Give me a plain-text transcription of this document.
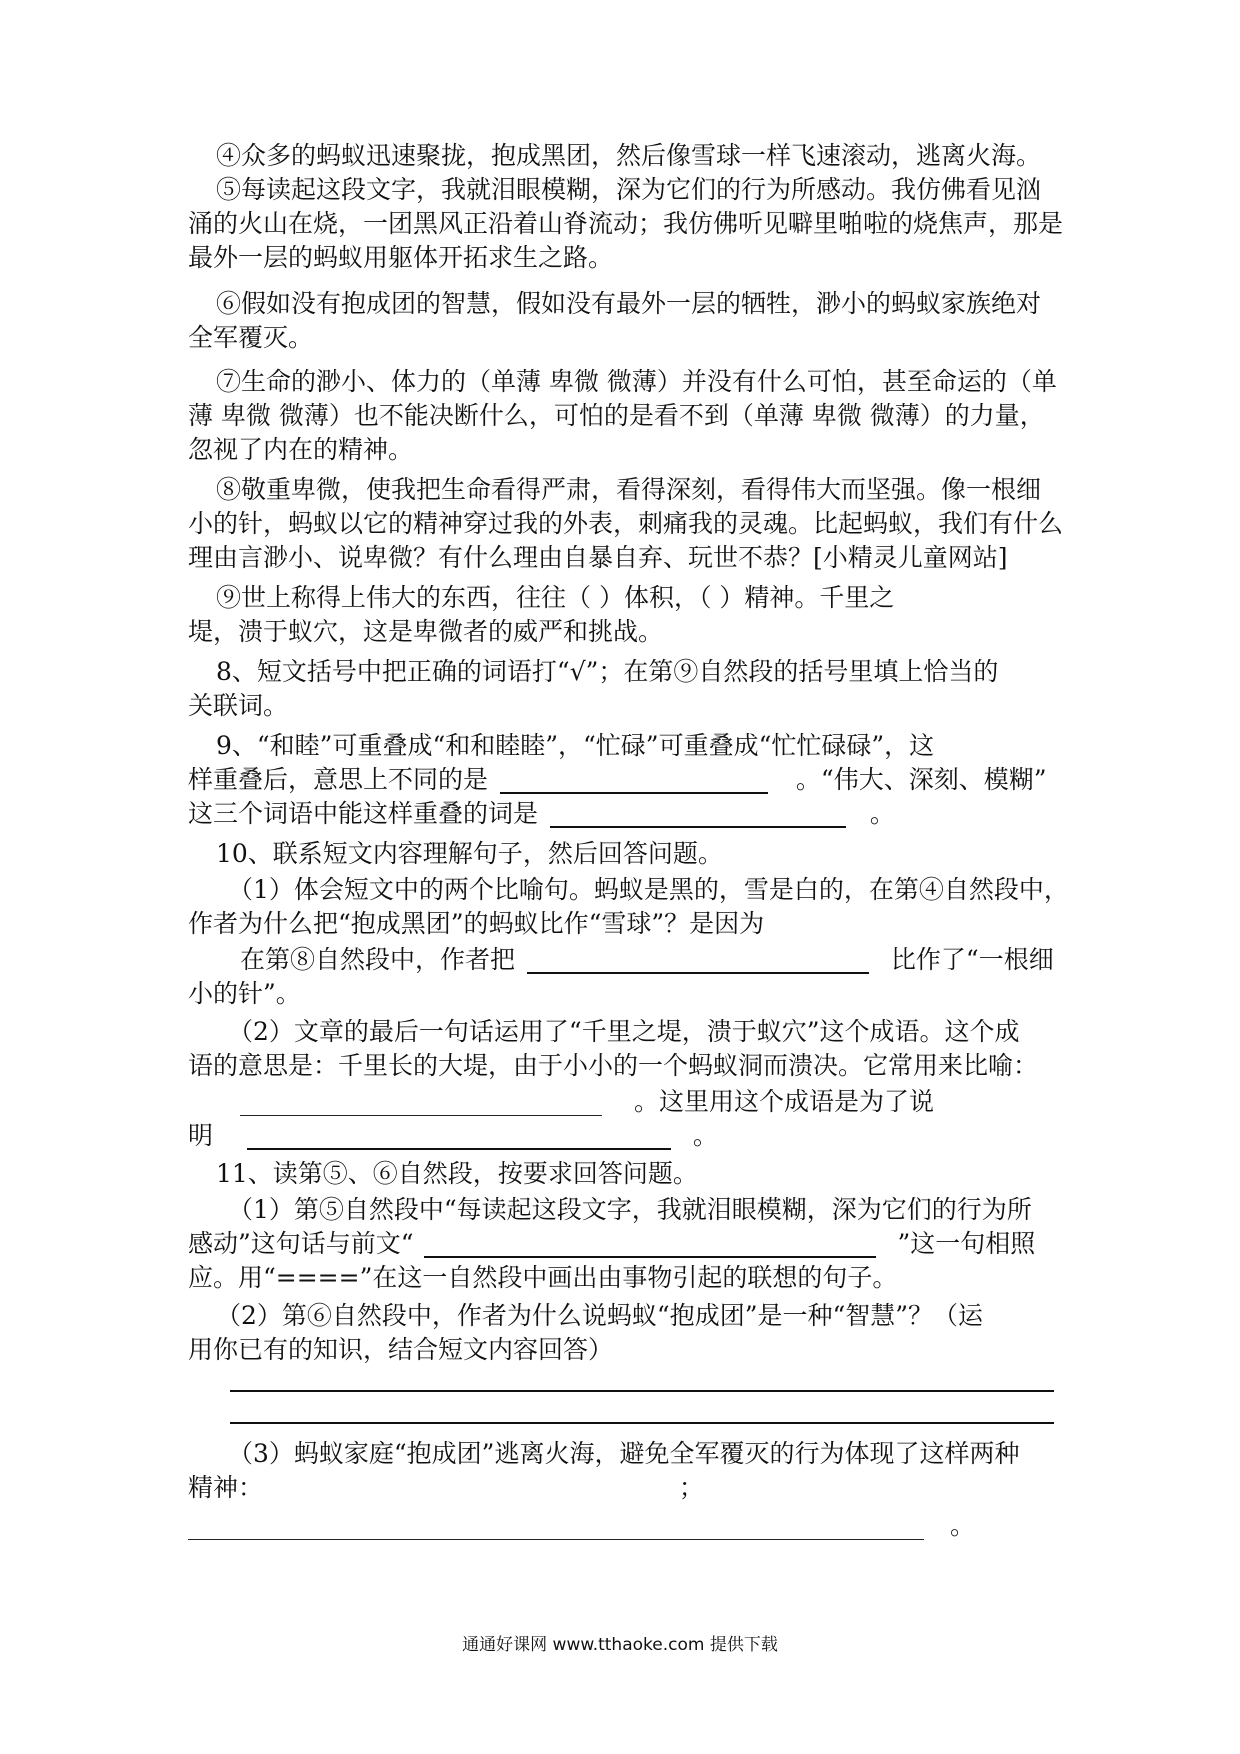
④众多的蚂蚁迅速聚拢，抱成黑团，然后像雪球一样飞速滚动，逃离火海。
⑤每读起这段文字，我就泪眼模糊，深为它们的行为所感动。我仿佛看见汹
涌的火山在烧，一团黑风正沿着山脊流动；我仿佛听见噼里啪啦的烧焦声，那是
最外一层的蚂蚁用躯体开拓求生之路。
⑥假如没有抱成团的智慧，假如没有最外一层的牺牲，渺小的蚂蚁家族绝对
全军覆灭。
⑦生命的渺小、体力的（单薄 卑微 微薄）并没有什么可怕，甚至命运的（单
薄 卑微 微薄）也不能决断什么，可怕的是看不到（单薄 卑微 微薄）的力量，
忽视了内在的精神。
⑧敬重卑微，使我把生命看得严肃，看得深刻，看得伟大而坚强。像一根细
小的针，蚂蚁以它的精神穿过我的外表，刺痛我的灵魂。比起蚂蚁，我们有什么
理由言渺小、说卑微？有什么理由自暴自弃、玩世不恭？[小精灵儿童网站]
⑨世上称得上伟大的东西，往往（ ）体积，（ ）精神。千里之
堤，溃于蚁穴，这是卑微者的威严和挑战。
8、短文括号中把正确的词语打“√”；在第⑨自然段的括号里填上恰当的
关联词。
9、“和睦”可重叠成“和和睦睦”，“忙碌”可重叠成“忙忙碌碌”，这
样重叠后，意思上不同的是	。“伟大、深刻、模糊”
这三个词语中能这样重叠的词是	。
10、联系短文内容理解句子，然后回答问题。
（1）体会短文中的两个比喻句。蚂蚁是黑的，雪是白的，在第④自然段中，
作者为什么把“抱成黑团”的蚂蚁比作“雪球”？是因为
在第⑧自然段中，作者把	比作了“一根细
小的针”。
（2）文章的最后一句话运用了“千里之堤，溃于蚁穴”这个成语。这个成
语的意思是：千里长的大堤，由于小小的一个蚂蚁洞而溃决。它常用来比喻：
。这里用这个成语是为了说
明	。
11、读第⑤、⑥自然段，按要求回答问题。
（1）第⑤自然段中“每读起这段文字，我就泪眼模糊，深为它们的行为所
感动”这句话与前文“	”这一句相照
应。用“====”在这一自然段中画出由事物引起的联想的句子。
（2）第⑥自然段中，作者为什么说蚂蚁“抱成团”是一种“智慧”？（运
用你已有的知识，结合短文内容回答）
（3）蚂蚁家庭“抱成团”逃离火海，避免全军覆灭的行为体现了这样两种
精神：	；
。
通通好课网 www.tthaoke.com 提供下载
